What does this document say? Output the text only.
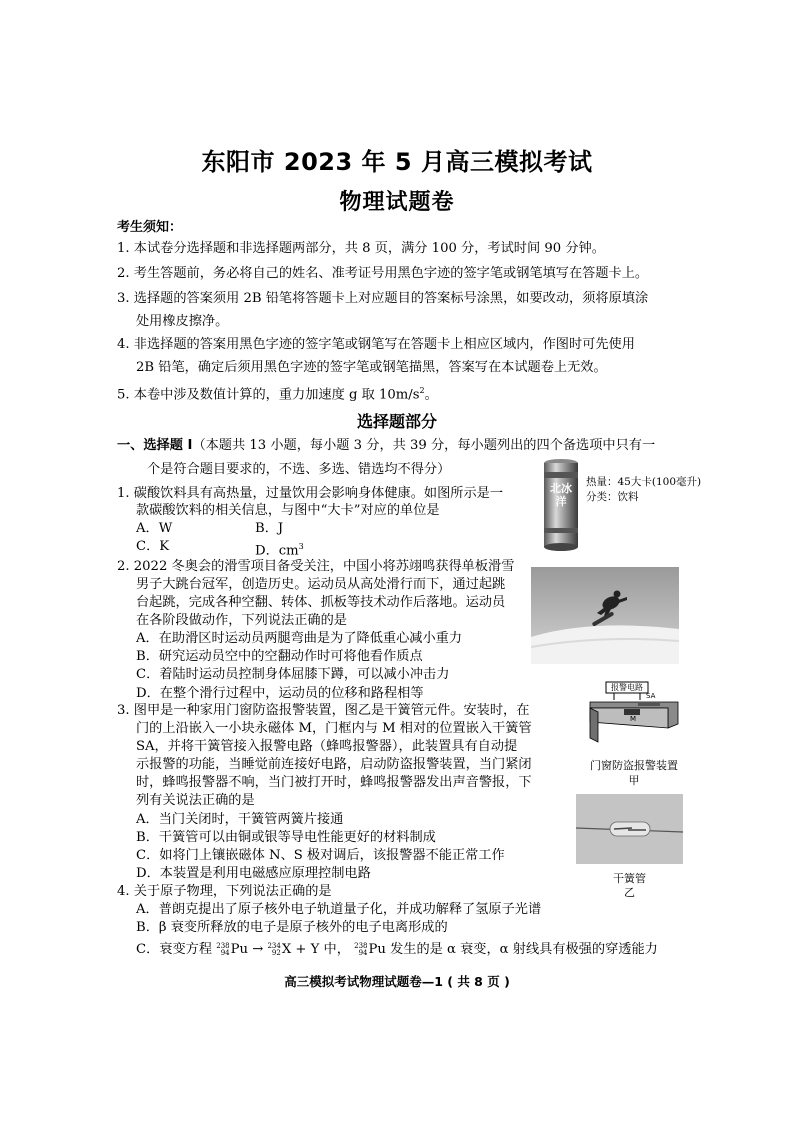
东阳市 2023 年 5 月高三模拟考试
物理试题卷
考生须知：
1. 本试卷分选择题和非选择题两部分，共 8 页，满分 100 分，考试时间 90 分钟。
2. 考生答题前，务必将自己的姓名、准考证号用黑色字迹的签字笔或钢笔填写在答题卡上。
3. 选择题的答案须用 2B 铅笔将答题卡上对应题目的答案标号涂黑，如要改动，须将原填涂
处用橡皮擦净。
4. 非选择题的答案用黑色字迹的签字笔或钢笔写在答题卡上相应区域内，作图时可先使用
2B 铅笔，确定后须用黑色字迹的签字笔或钢笔描黑，答案写在本试题卷上无效。
5. 本卷中涉及数值计算的，重力加速度 g 取 $10m/s^2$。
选择题部分
一、选择题 I（本题共 13 小题，每小题 3 分，共 39 分，每小题列出的四个备选项中只有一
个是符合题目要求的，不选、多选、错选均不得分）
北冰洋
热量：45大卡(100毫升)
分类：饮料
1. 碳酸饮料具有高热量，过量饮用会影响身体健康。如图所示是一
款碳酸饮料的相关信息，与图中“大卡”对应的单位是
A．W	B．J
C．K	D．$cm^3$
2. 2022 冬奥会的滑雪项目备受关注，中国小将苏翊鸣获得单板滑雪
男子大跳台冠军，创造历史。运动员从高处滑行而下，通过起跳
台起跳，完成各种空翻、转体、抓板等技术动作后落地。运动员
在各阶段做动作，下列说法正确的是
A．在助滑区时运动员两腿弯曲是为了降低重心减小重力
B．研究运动员空中的空翻动作时可将他看作质点
C．着陆时运动员控制身体屈膝下蹲，可以减小冲击力
D．在整个滑行过程中，运动员的位移和路程相等
3. 图甲是一种家用门窗防盗报警装置，图乙是干簧管元件。安装时，在
门的上沿嵌入一小块永磁体 M，门框内与 M 相对的位置嵌入干簧管
SA，并将干簧管接入报警电路（蜂鸣报警器），此装置具有自动提
示报警的功能，当睡觉前连接好电路，启动防盗报警装置，当门紧闭
时，蜂鸣报警器不响，当门被打开时，蜂鸣报警器发出声音警报，下
列有关说法正确的是
A．当门关闭时，干簧管两簧片接通
B．干簧管可以由铜或银等导电性能更好的材料制成
C．如将门上镶嵌磁体 N、S 极对调后，该报警器不能正常工作
D．本装置是利用电磁感应原理控制电路
报警电路
SA
M
门窗防盗报警装置
甲
干簧管
乙
4. 关于原子物理，下列说法正确的是
A．普朗克提出了原子核外电子轨道量子化，并成功解释了氢原子光谱
B．β 衰变所释放的电子是原子核外的电子电离形成的
C．衰变方程 238
94 Pu → 234
92 X + Y 中， 238
94 Pu 发生的是 α 衰变，α 射线具有极强的穿透能力
高三模拟考试物理试题卷—1 ( 共 8 页 )
